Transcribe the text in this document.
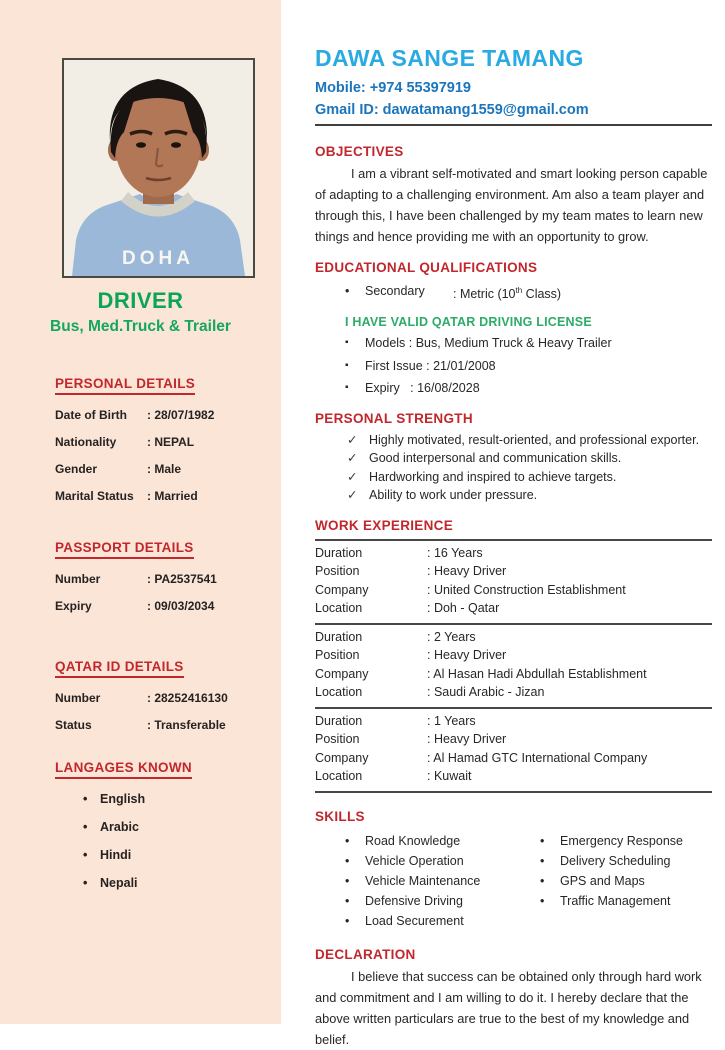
DOHA
DRIVER
Bus, Med.Truck & Trailer
PERSONAL DETAILS
Date of Birth	: 28/07/1982
Nationality	: NEPAL
Gender	: Male
Marital Status	: Married
PASSPORT DETAILS
Number	: PA2537541
Expiry	: 09/03/2034
QATAR ID DETAILS
Number	: 28252416130
Status	: Transferable
LANGAGES KNOWN
•	English
•	Arabic
•	Hindi
•	Nepali
DAWA SANGE TAMANG
Mobile: +974 55397919
Gmail ID: dawatamang1559@gmail.com
OBJECTIVES

I am a vibrant self-motivated and smart looking person capable of adapting to a challenging environment. Am also a team player and through this, I have been challenged by my team mates to learn new things and hence providing me with an opportunity to grow.

EDUCATIONAL QUALIFICATIONS
•	Secondary	: Metric (10th Class)
I HAVE VALID QATAR DRIVING LICENSE
▪	Models : Bus, Medium Truck & Heavy Trailer
▪	First Issue : 21/01/2008
▪	Expiry   : 16/08/2028
PERSONAL STRENGTH
✓ Highly motivated, result-oriented, and professional exporter.
✓ Good interpersonal and communication skills.
✓ Hardworking and inspired to achieve targets.
✓ Ability to work under pressure.
WORK EXPERIENCE
Duration	: 16 Years
Position	: Heavy Driver
Company	: United Construction Establishment
Location	: Doh - Qatar
Duration	: 2 Years
Position	: Heavy Driver
Company	: Al Hasan Hadi Abdullah Establishment
Location	: Saudi Arabic - Jizan
Duration	: 1 Years
Position	: Heavy Driver
Company	: Al Hamad GTC International Company
Location	: Kuwait
SKILLS
•	Road Knowledge
•	Vehicle Operation
•	Vehicle Maintenance
•	Defensive Driving
•	Load Securement
•	Emergency Response
•	Delivery Scheduling
•	GPS and Maps
•	Traffic Management
DECLARATION

I believe that success can be obtained only through hard work and commitment and I am willing to do it. I hereby declare that the above written particulars are true to the best of my knowledge and belief.
